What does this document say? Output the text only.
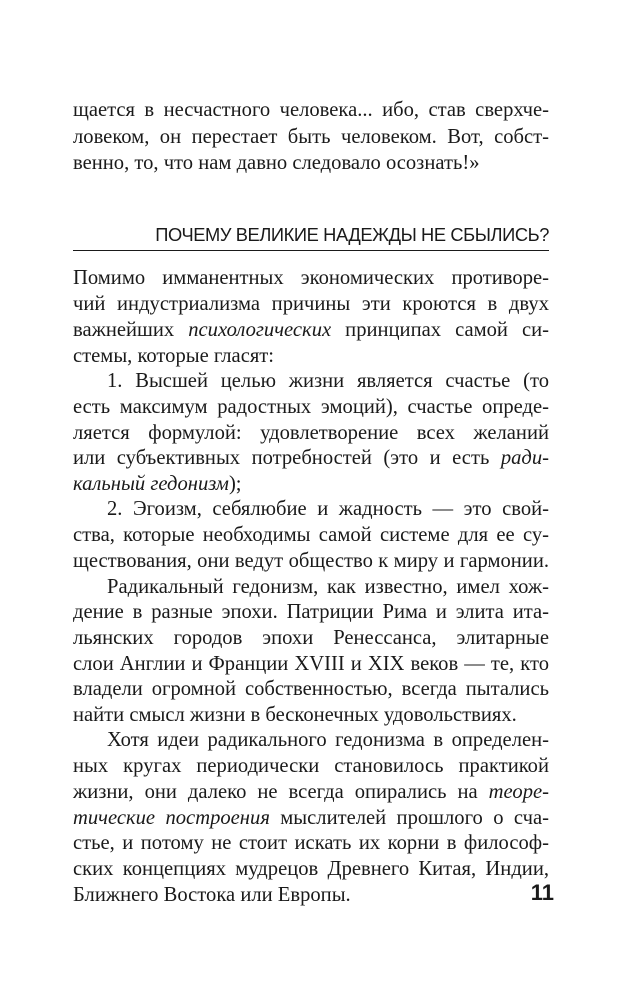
щается в несчастного человека... ибо, став сверхче-
ловеком, он перестает быть человеком. Вот, собст-
венно, то, что нам давно следовало осознать!»
ПОЧЕМУ ВЕЛИКИЕ НАДЕЖДЫ НЕ СБЫЛИСЬ?
Помимо имманентных экономических противоре-
чий индустриализма причины эти кроются в двух
важнейших психологических принципах самой си-
стемы, которые гласят:
1. Высшей целью жизни является счастье (то
есть максимум радостных эмоций), счастье опреде-
ляется формулой: удовлетворение всех желаний
или субъективных потребностей (это и есть ради-
кальный гедонизм);
2. Эгоизм, себялюбие и жадность — это свой-
ства, которые необходимы самой системе для ее су-
ществования, они ведут общество к миру и гармонии.
Радикальный гедонизм, как известно, имел хож-
дение в разные эпохи. Патриции Рима и элита ита-
льянских городов эпохи Ренессанса, элитарные
слои Англии и Франции XVIII и XIX веков — те, кто
владели огромной собственностью, всегда пытались
найти смысл жизни в бесконечных удовольствиях.
Хотя идеи радикального гедонизма в определен-
ных кругах периодически становилось практикой
жизни, они далеко не всегда опирались на теоре-
тические построения мыслителей прошлого о сча-
стье, и потому не стоит искать их корни в философ-
ских концепциях мудрецов Древнего Китая, Индии,
Ближнего Востока или Европы.	11
